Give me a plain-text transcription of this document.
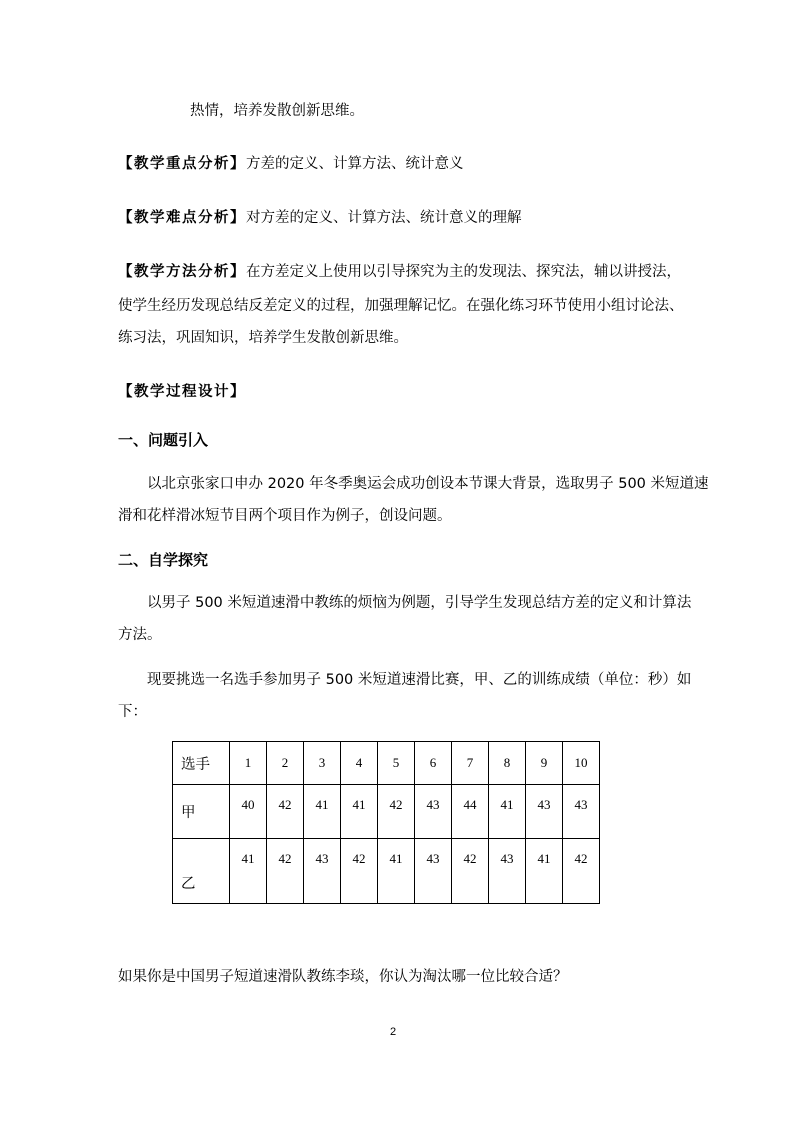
热情，培养发散创新思维。
【教学重点分析】方差的定义、计算方法、统计意义
【教学难点分析】对方差的定义、计算方法、统计意义的理解
【教学方法分析】在方差定义上使用以引导探究为主的发现法、探究法，辅以讲授法，
使学生经历发现总结反差定义的过程，加强理解记忆。在强化练习环节使用小组讨论法、
练习法，巩固知识，培养学生发散创新思维。
【教学过程设计】
一、问题引入
以北京张家口申办 2020 年冬季奥运会成功创设本节课大背景，选取男子 500 米短道速
滑和花样滑冰短节目两个项目作为例子，创设问题。
二、自学探究
以男子 500 米短道速滑中教练的烦恼为例题，引导学生发现总结方差的定义和计算法
方法。
现要挑选一名选手参加男子 500 米短道速滑比赛，甲、乙的训练成绩（单位：秒）如
下：
选手	1	2	3	4	5	6	7	8	9	10
甲	40	42	41	41	42	43	44	41	43	43
乙	41	42	43	42	41	43	42	43	41	42
如果你是中国男子短道速滑队教练李琰，你认为淘汰哪一位比较合适？
2
